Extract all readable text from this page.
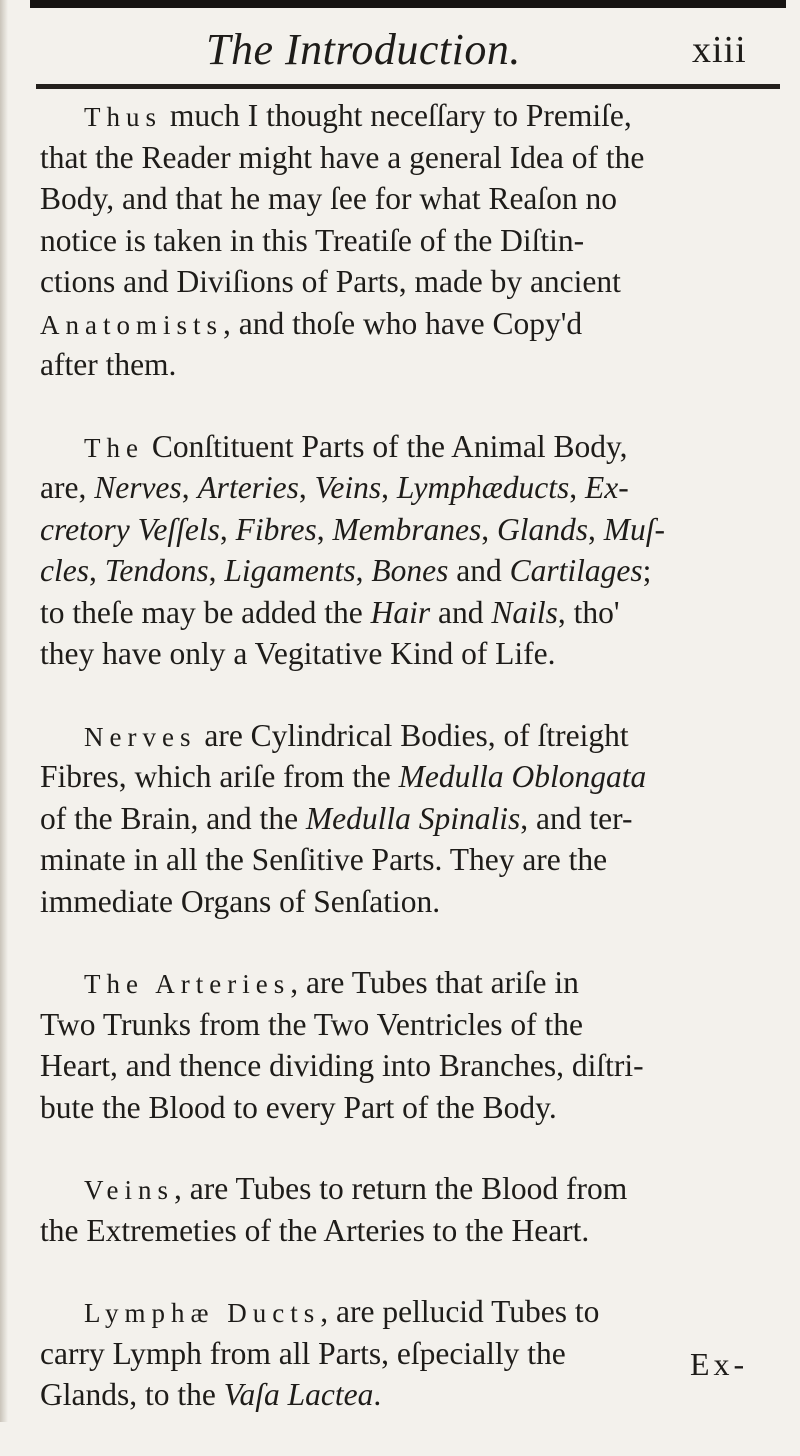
The Introduction.	xiii
Thus much I thought neceſſary to Premiſe,
that the Reader might have a general Idea of the
Body, and that he may ſee for what Reaſon no
notice is taken in this Treatiſe of the Diſtin-
ctions and Diviſions of Parts, made by ancient
Anatomists, and thoſe who have Copy'd
after them.
The Conſtituent Parts of the Animal Body,
are, Nerves, Arteries, Veins, Lymphæducts, Ex-
cretory Veſſels, Fibres, Membranes, Glands, Muſ-
cles, Tendons, Ligaments, Bones and Cartilages;
to theſe may be added the Hair and Nails, tho'
they have only a Vegitative Kind of Life.
Nerves are Cylindrical Bodies, of ſtreight
Fibres, which ariſe from the Medulla Oblongata
of the Brain, and the Medulla Spinalis, and ter-
minate in all the Senſitive Parts. They are the
immediate Organs of Senſation.
The Arteries, are Tubes that ariſe in
Two Trunks from the Two Ventricles of the
Heart, and thence dividing into Branches, diſtri-
bute the Blood to every Part of the Body.
Veins, are Tubes to return the Blood from
the Extremeties of the Arteries to the Heart.
Lymphæ Ducts, are pellucid Tubes to
carry Lymph from all Parts, eſpecially the
Glands, to the Vaſa Lactea.
Ex-
